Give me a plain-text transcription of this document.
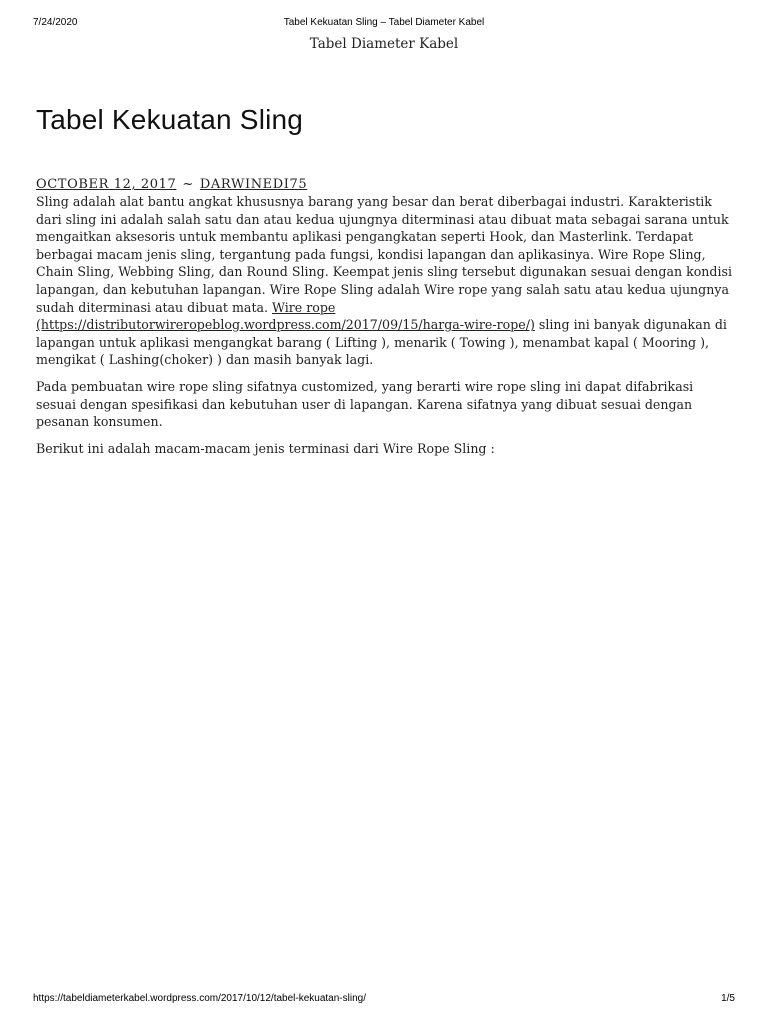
7/24/2020	Tabel Kekuatan Sling – Tabel Diameter Kabel
Tabel Diameter Kabel
Tabel Kekuatan Sling
OCTOBER 12, 2017 ~ DARWINEDI75

Sling adalah alat bantu angkat khususnya barang yang besar dan berat diberbagai industri. Karakteristik dari sling ini adalah salah satu dan atau kedua ujungnya diterminasi atau dibuat mata sebagai sarana untuk mengaitkan aksesoris untuk membantu aplikasi pengangkatan seperti Hook, dan Masterlink. Terdapat berbagai macam jenis sling, tergantung pada fungsi, kondisi lapangan dan aplikasinya. Wire Rope Sling, Chain Sling, Webbing Sling, dan Round Sling. Keempat jenis sling tersebut digunakan sesuai dengan kondisi lapangan, dan kebutuhan lapangan. Wire Rope Sling adalah Wire rope yang salah satu atau kedua ujungnya sudah diterminasi atau dibuat mata. Wire rope (https://distributorwireropeblog.wordpress.com/2017/09/15/harga-wire-rope/) sling ini banyak digunakan di lapangan untuk aplikasi mengangkat barang ( Lifting ), menarik ( Towing ), menambat kapal ( Mooring ), mengikat ( Lashing(choker) ) dan masih banyak lagi.

Pada pembuatan wire rope sling sifatnya customized, yang berarti wire rope sling ini dapat difabrikasi sesuai dengan spesifikasi dan kebutuhan user di lapangan. Karena sifatnya yang dibuat sesuai dengan pesanan konsumen.

Berikut ini adalah macam-macam jenis terminasi dari Wire Rope Sling :

https://tabeldiameterkabel.wordpress.com/2017/10/12/tabel-kekuatan-sling/	1/5
